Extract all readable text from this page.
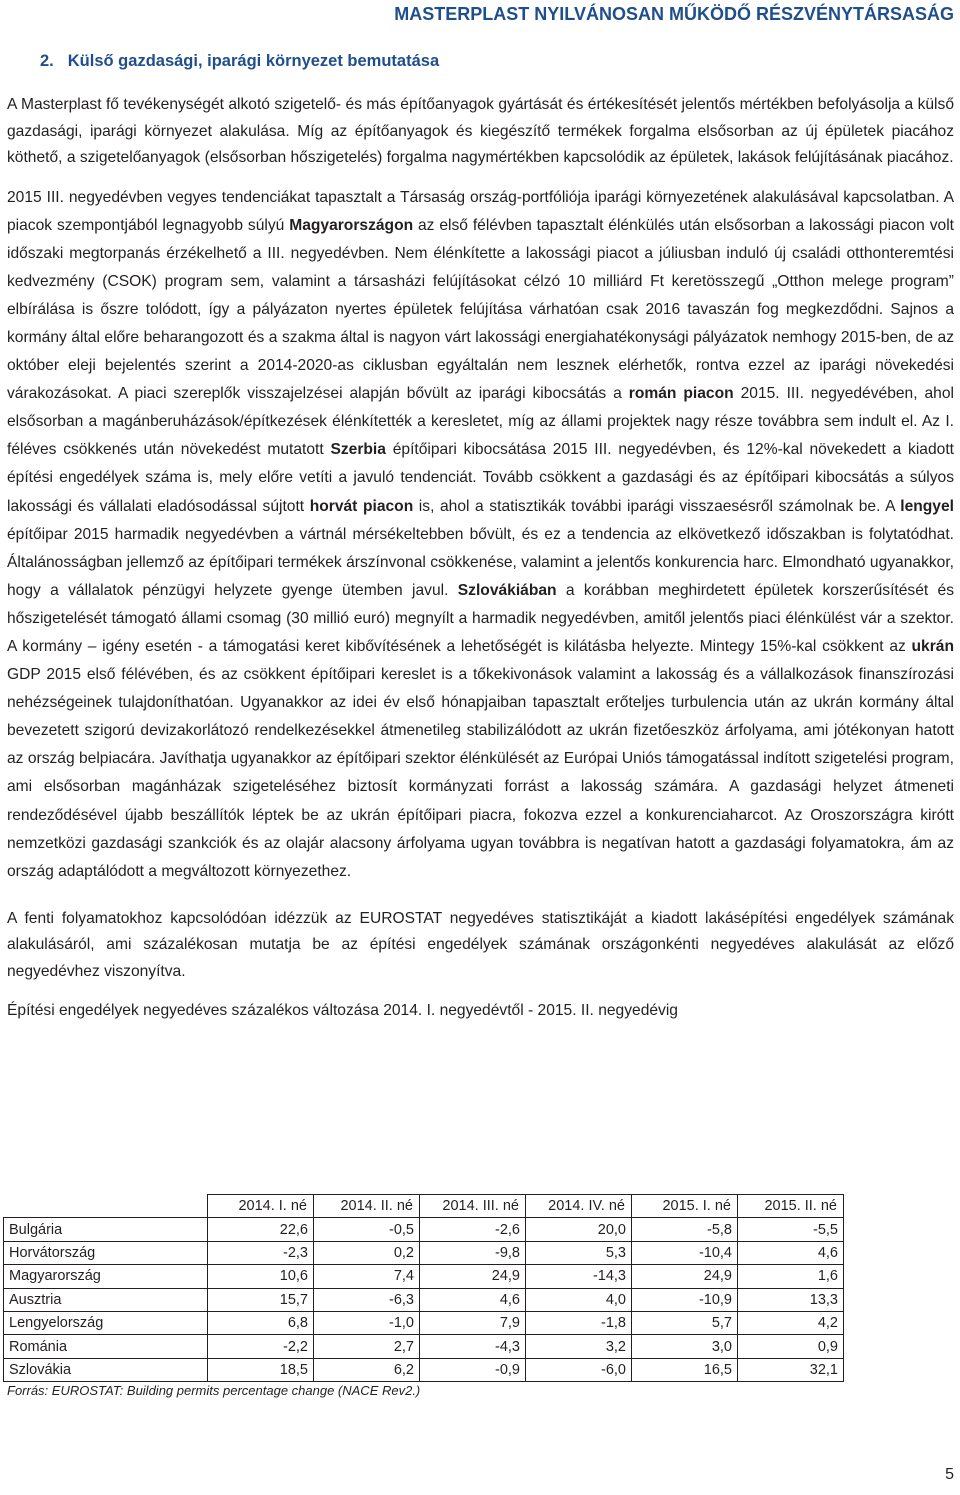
MASTERPLAST NYILVÁNOSAN MŰKÖDŐ RÉSZVÉNYTÁRSASÁG
2. Külső gazdasági, iparági környezet bemutatása

A Masterplast fő tevékenységét alkotó szigetelő- és más építőanyagok gyártását és értékesítését jelentős mértékben befolyásolja a külső gazdasági, iparági környezet alakulása. Míg az építőanyagok és kiegészítő termékek forgalma elsősorban az új épületek piacához köthető, a szigetelőanyagok (elsősorban hőszigetelés) forgalma nagymértékben kapcsolódik az épületek, lakások felújításának piacához.

2015 III. negyedévben vegyes tendenciákat tapasztalt a Társaság ország-portfóliója iparági környezetének alakulásával kapcsolatban. A piacok szempontjából legnagyobb súlyú Magyarországon az első félévben tapasztalt élénkülés után elsősorban a lakossági piacon volt időszaki megtorpanás érzékelhető a III. negyedévben. Nem élénkítette a lakossági piacot a júliusban induló új családi otthonteremtési kedvezmény (CSOK) program sem, valamint a társasházi felújításokat célzó 10 milliárd Ft keretösszegű „Otthon melege program” elbírálása is őszre tolódott, így a pályázaton nyertes épületek felújítása várhatóan csak 2016 tavaszán fog megkezdődni. Sajnos a kormány által előre beharangozott és a szakma által is nagyon várt lakossági energiahatékonysági pályázatok nemhogy 2015-ben, de az október eleji bejelentés szerint a 2014-2020-as ciklusban egyáltalán nem lesznek elérhetők, rontva ezzel az iparági növekedési várakozásokat. A piaci szereplők visszajelzései alapján bővült az iparági kibocsátás a román piacon 2015. III. negyedévében, ahol elsősorban a magánberuházások/építkezések élénkítették a keresletet, míg az állami projektek nagy része továbbra sem indult el. Az I. féléves csökkenés után növekedést mutatott Szerbia építőipari kibocsátása 2015 III. negyedévben, és 12%-kal növekedett a kiadott építési engedélyek száma is, mely előre vetíti a javuló tendenciát. Tovább csökkent a gazdasági és az építőipari kibocsátás a súlyos lakossági és vállalati eladósodással sújtott horvát piacon is, ahol a statisztikák további iparági visszaesésről számolnak be. A lengyel építőipar 2015 harmadik negyedévben a vártnál mérsékeltebben bővült, és ez a tendencia az elkövetkező időszakban is folytatódhat. Általánosságban jellemző az építőipari termékek árszínvonal csökkenése, valamint a jelentős konkurencia harc. Elmondható ugyanakkor, hogy a vállalatok pénzügyi helyzete gyenge ütemben javul. Szlovákiában a korábban meghirdetett épületek korszerűsítését és hőszigetelését támogató állami csomag (30 millió euró) megnyílt a harmadik negyedévben, amitől jelentős piaci élénkülést vár a szektor. A kormány – igény esetén - a támogatási keret kibővítésének a lehetőségét is kilátásba helyezte. Mintegy 15%-kal csökkent az ukrán GDP 2015 első félévében, és az csökkent építőipari kereslet is a tőkekivonások valamint a lakosság és a vállalkozások finanszírozási nehézségeinek tulajdoníthatóan. Ugyanakkor az idei év első hónapjaiban tapasztalt erőteljes turbulencia után az ukrán kormány által bevezetett szigorú devizakorlátozó rendelkezésekkel átmenetileg stabilizálódott az ukrán fizetőeszköz árfolyama, ami jótékonyan hatott az ország belpiacára. Javíthatja ugyanakkor az építőipari szektor élénkülését az Európai Uniós támogatással indított szigetelési program, ami elsősorban magánházak szigeteléséhez biztosít kormányzati forrást a lakosság számára. A gazdasági helyzet átmeneti rendeződésével újabb beszállítók léptek be az ukrán építőipari piacra, fokozva ezzel a konkurenciaharcot. Az Oroszországra kirótt nemzetközi gazdasági szankciók és az olajár alacsony árfolyama ugyan továbbra is negatívan hatott a gazdasági folyamatokra, ám az ország adaptálódott a megváltozott környezethez.

A fenti folyamatokhoz kapcsolódóan idézzük az EUROSTAT negyedéves statisztikáját a kiadott lakásépítési engedélyek számának alakulásáról, ami százalékosan mutatja be az építési engedélyek számának országonkénti negyedéves alakulását az előző negyedévhez viszonyítva.

Építési engedélyek negyedéves százalékos változása 2014. I. negyedévtől - 2015. II. negyedévig

	2014. I. né	2014. II. né	2014. III. né	2014. IV. né	2015. I. né	2015. II. né
Bulgária	22,6	-0,5	-2,6	20,0	-5,8	-5,5
Horvátország	-2,3	0,2	-9,8	5,3	-10,4	4,6
Magyarország	10,6	7,4	24,9	-14,3	24,9	1,6
Ausztria	15,7	-6,3	4,6	4,0	-10,9	13,3
Lengyelország	6,8	-1,0	7,9	-1,8	5,7	4,2
Románia	-2,2	2,7	-4,3	3,2	3,0	0,9
Szlovákia	18,5	6,2	-0,9	-6,0	16,5	32,1
Forrás: EUROSTAT: Building permits percentage change (NACE Rev2.)
5
